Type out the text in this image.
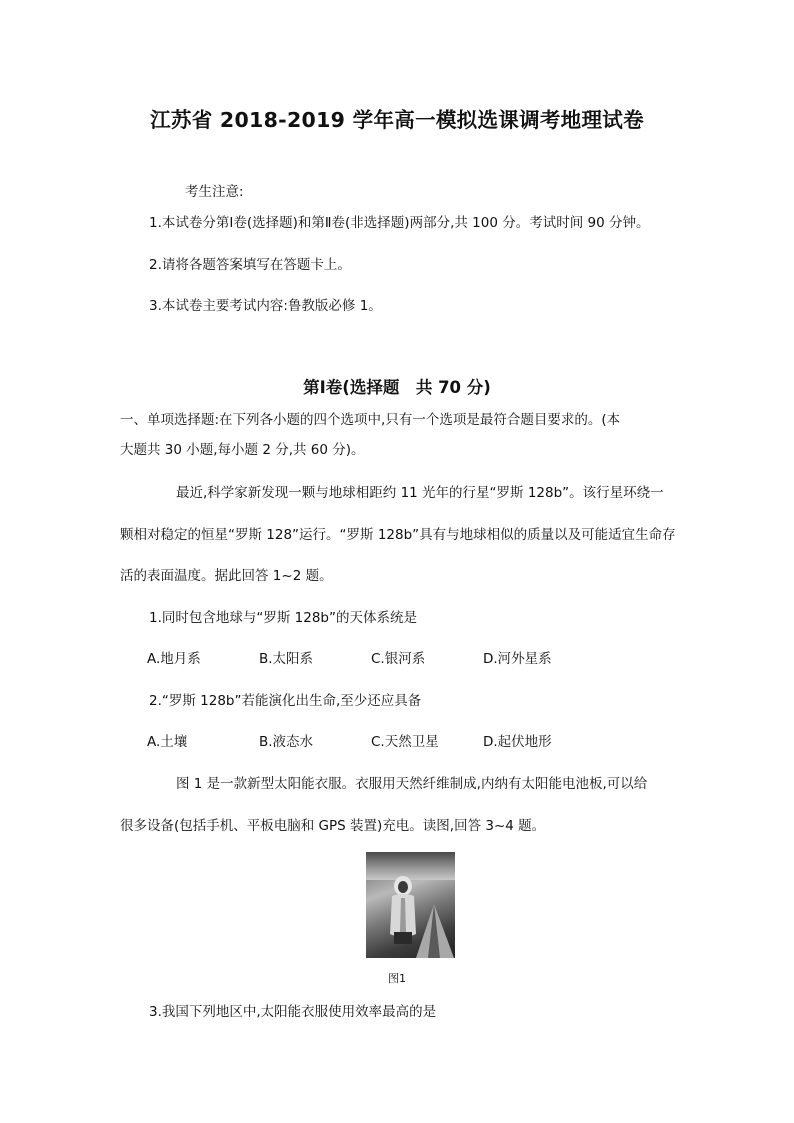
江苏省 2018-2019 学年高一模拟选课调考地理试卷
考生注意:
1.本试卷分第Ⅰ卷(选择题)和第Ⅱ卷(非选择题)两部分,共 100 分。考试时间 90 分钟。
2.请将各题答案填写在答题卡上。
3.本试卷主要考试内容:鲁教版必修 1。
第Ⅰ卷(选择题　共 70 分)
一、单项选择题:在下列各小题的四个选项中,只有一个选项是最符合题目要求的。(本
大题共 30 小题,每小题 2 分,共 60 分)。
最近,科学家新发现一颗与地球相距约 11 光年的行星“罗斯 128b”。该行星环绕一
颗相对稳定的恒星“罗斯 128”运行。“罗斯 128b”具有与地球相似的质量以及可能适宜生命存
活的表面温度。据此回答 1~2 题。
1.同时包含地球与“罗斯 128b”的天体系统是
A.地月系	B.太阳系	C.银河系	D.河外星系
2.“罗斯 128b”若能演化出生命,至少还应具备
A.土壤	B.液态水	C.天然卫星	D.起伏地形
图 1 是一款新型太阳能衣服。衣服用天然纤维制成,内纳有太阳能电池板,可以给
很多设备(包括手机、平板电脑和 GPS 装置)充电。读图,回答 3~4 题。
图1
3.我国下列地区中,太阳能衣服使用效率最高的是
